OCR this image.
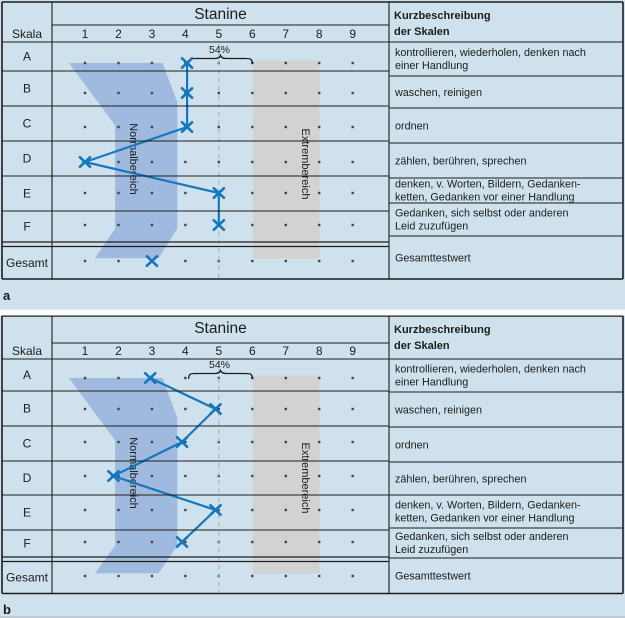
Normalbereich	Extrembereich
54%
Stanine
1 2 3 4 5 6 7 8 9
Skala
A
B
C
D
E
F
Gesamt
Kurzbeschreibung
der Skalen
kontrollieren, wiederholen, denken nach
einer Handlung
waschen, reinigen
ordnen
zählen, berühren, sprechen
denken, v. Worten, Bildern, Gedanken-
ketten, Gedanken vor einer Handlung
Gedanken, sich selbst oder anderen
Leid zuzufügen
Gesamttestwert
Normalbereich	Extrembereich
54%
Stanine
1 2 3 4 5 6 7 8 9
Skala
A
B
C
D
E
F
Gesamt
Kurzbeschreibung
der Skalen
kontrollieren, wiederholen, denken nach
einer Handlung
waschen, reinigen
ordnen
zählen, berühren, sprechen
denken, v. Worten, Bildern, Gedanken-
ketten, Gedanken vor einer Handlung
Gedanken, sich selbst oder anderen
Leid zuzufügen
Gesamttestwert
a
b
